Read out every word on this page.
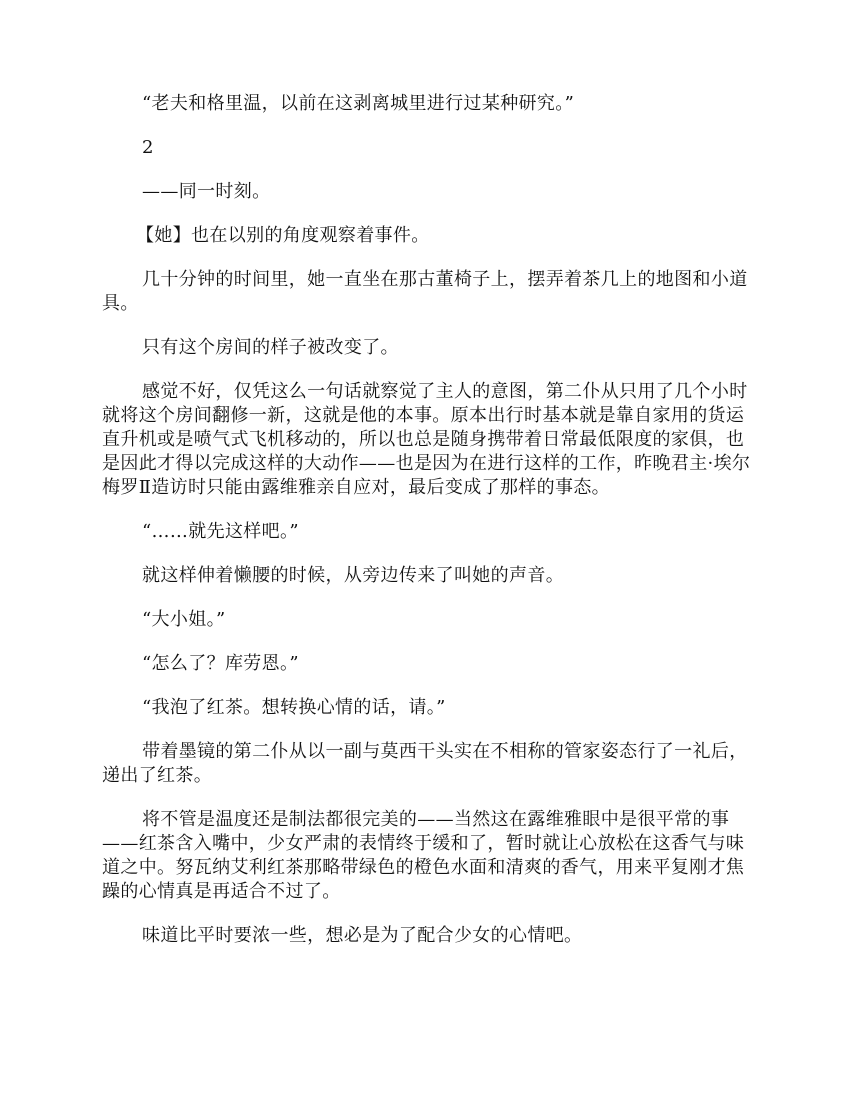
“老夫和格里温，以前在这剥离城里进行过某种研究。”

2

——同一时刻。

【她】也在以别的角度观察着事件。

几十分钟的时间里，她一直坐在那古董椅子上，摆弄着茶几上的地图和小道具。

只有这个房间的样子被改变了。

感觉不好，仅凭这么一句话就察觉了主人的意图，第二仆从只用了几个小时就将这个房间翻修一新，这就是他的本事。原本出行时基本就是靠自家用的货运直升机或是喷气式飞机移动的，所以也总是随身携带着日常最低限度的家俱，也是因此才得以完成这样的大动作——也是因为在进行这样的工作，昨晚君主·埃尔梅罗Ⅱ造访时只能由露维雅亲自应对，最后变成了那样的事态。

“……就先这样吧。”

就这样伸着懒腰的时候，从旁边传来了叫她的声音。

“大小姐。”

“怎么了？库劳恩。”

“我泡了红茶。想转换心情的话，请。”

带着墨镜的第二仆从以一副与莫西干头实在不相称的管家姿态行了一礼后，递出了红茶。

将不管是温度还是制法都很完美的——当然这在露维雅眼中是很平常的事——红茶含入嘴中，少女严肃的表情终于缓和了，暂时就让心放松在这香气与味道之中。努瓦纳艾利红茶那略带绿色的橙色水面和清爽的香气，用来平复刚才焦躁的心情真是再适合不过了。

味道比平时要浓一些，想必是为了配合少女的心情吧。
